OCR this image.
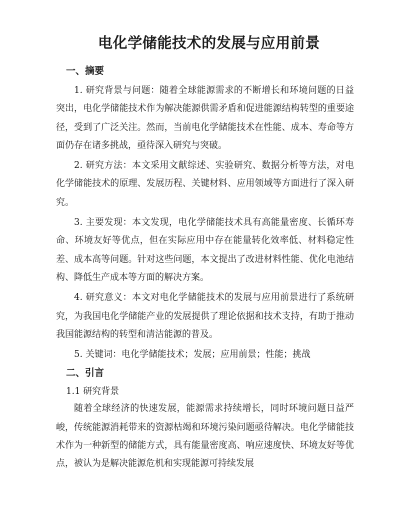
电化学储能技术的发展与应用前景
一、摘要

1. 研究背景与问题：随着全球能源需求的不断增长和环境问题的日益突出，电化学储能技术作为解决能源供需矛盾和促进能源结构转型的重要途径，受到了广泛关注。然而，当前电化学储能技术在性能、成本、寿命等方面仍存在诸多挑战，亟待深入研究与突破。

2. 研究方法：本文采用文献综述、实验研究、数据分析等方法，对电化学储能技术的原理、发展历程、关键材料、应用领域等方面进行了深入研究。

3. 主要发现：本文发现，电化学储能技术具有高能量密度、长循环寿命、环境友好等优点，但在实际应用中存在能量转化效率低、材料稳定性差、成本高等问题。针对这些问题，本文提出了改进材料性能、优化电池结构、降低生产成本等方面的解决方案。

4. 研究意义：本文对电化学储能技术的发展与应用前景进行了系统研究，为我国电化学储能产业的发展提供了理论依据和技术支持，有助于推动我国能源结构的转型和清洁能源的普及。

5. 关键词：电化学储能技术；发展；应用前景；性能；挑战

二、引言
1.1 研究背景

随着全球经济的快速发展，能源需求持续增长，同时环境问题日益严峻，传统能源消耗带来的资源枯竭和环境污染问题亟待解决。电化学储能技术作为一种新型的储能方式，具有能量密度高、响应速度快、环境友好等优点，被认为是解决能源危机和实现能源可持续发展
